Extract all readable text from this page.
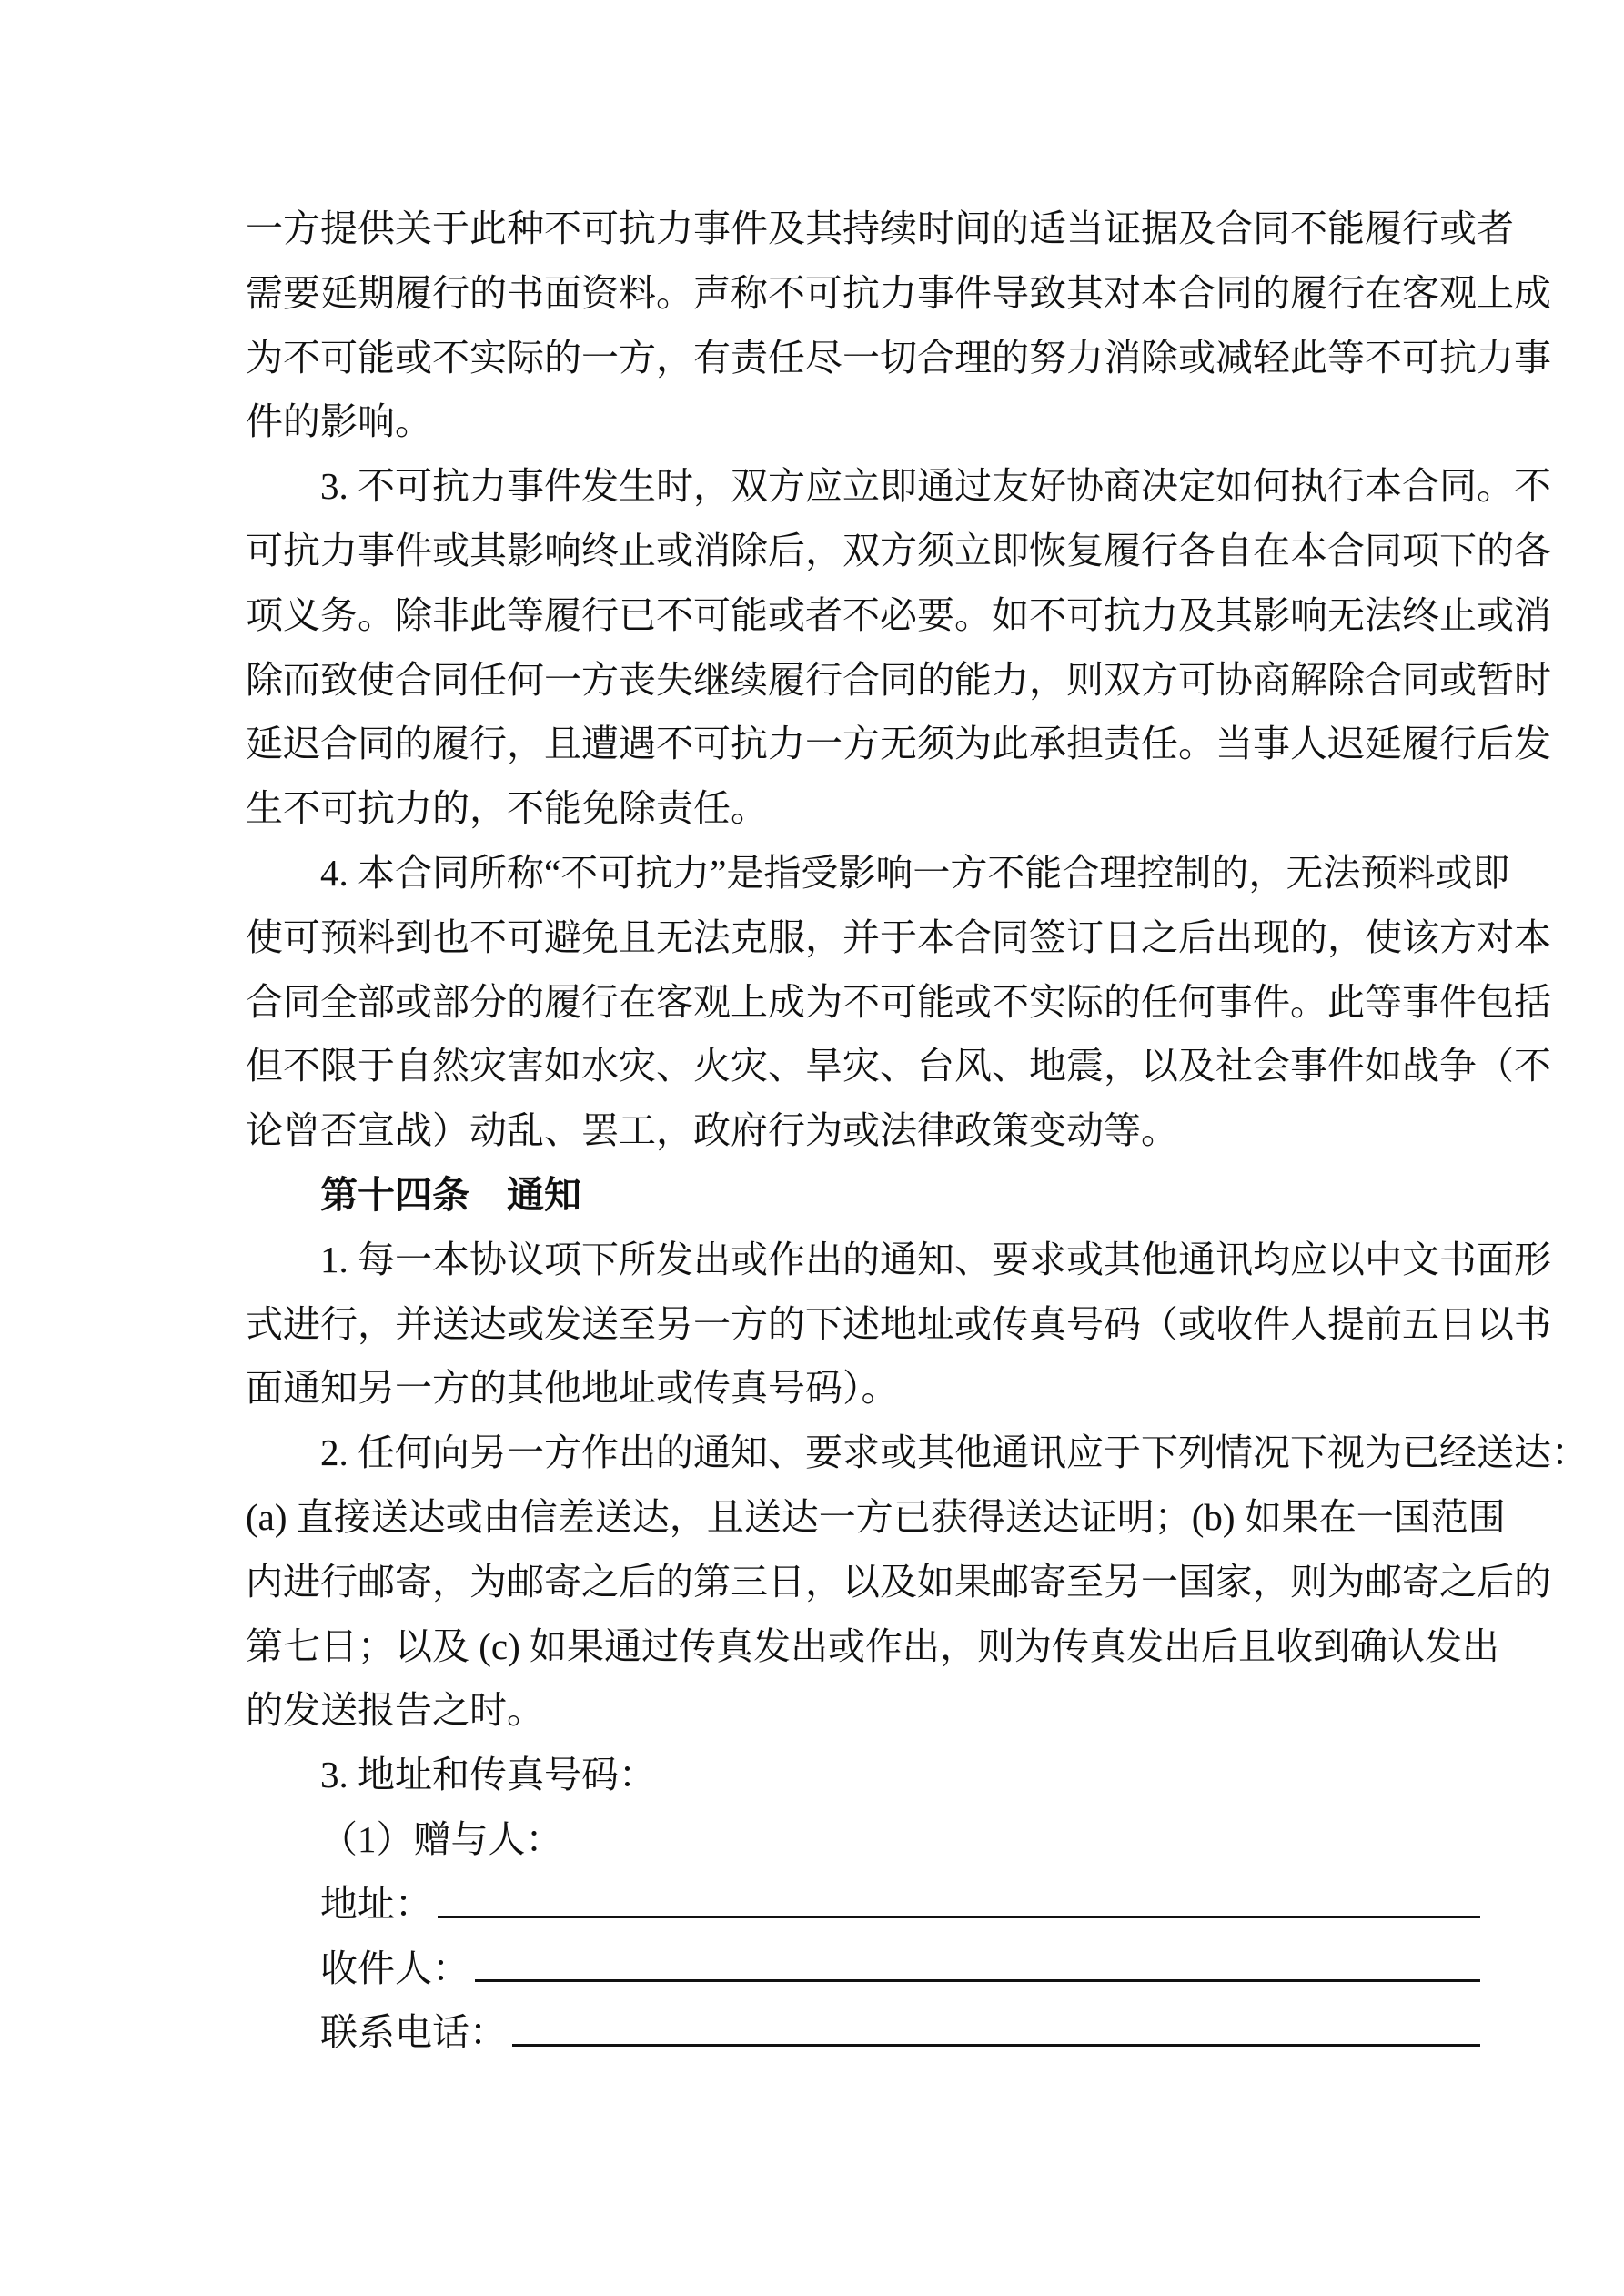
一方提供关于此种不可抗力事件及其持续时间的适当证据及合同不能履行或者
需要延期履行的书面资料。声称不可抗力事件导致其对本合同的履行在客观上成
为不可能或不实际的一方，有责任尽一切合理的努力消除或减轻此等不可抗力事
件的影响。
3. 不可抗力事件发生时，双方应立即通过友好协商决定如何执行本合同。不
可抗力事件或其影响终止或消除后，双方须立即恢复履行各自在本合同项下的各
项义务。除非此等履行已不可能或者不必要。如不可抗力及其影响无法终止或消
除而致使合同任何一方丧失继续履行合同的能力，则双方可协商解除合同或暂时
延迟合同的履行，且遭遇不可抗力一方无须为此承担责任。当事人迟延履行后发
生不可抗力的，不能免除责任。
4. 本合同所称“不可抗力”是指受影响一方不能合理控制的，无法预料或即
使可预料到也不可避免且无法克服，并于本合同签订日之后出现的，使该方对本
合同全部或部分的履行在客观上成为不可能或不实际的任何事件。此等事件包括
但不限于自然灾害如水灾、火灾、旱灾、台风、地震，以及社会事件如战争（不
论曾否宣战）动乱、罢工，政府行为或法律政策变动等。
第十四条　通知
1. 每一本协议项下所发出或作出的通知、要求或其他通讯均应以中文书面形
式进行，并送达或发送至另一方的下述地址或传真号码（或收件人提前五日以书
面通知另一方的其他地址或传真号码）。
2. 任何向另一方作出的通知、要求或其他通讯应于下列情况下视为已经送达：
(a) 直接送达或由信差送达，且送达一方已获得送达证明；(b) 如果在一国范围
内进行邮寄，为邮寄之后的第三日，以及如果邮寄至另一国家，则为邮寄之后的
第七日；以及 (c) 如果通过传真发出或作出，则为传真发出后且收到确认发出
的发送报告之时。
3. 地址和传真号码：
（1）赠与人：
地址：
收件人：
联系电话：
